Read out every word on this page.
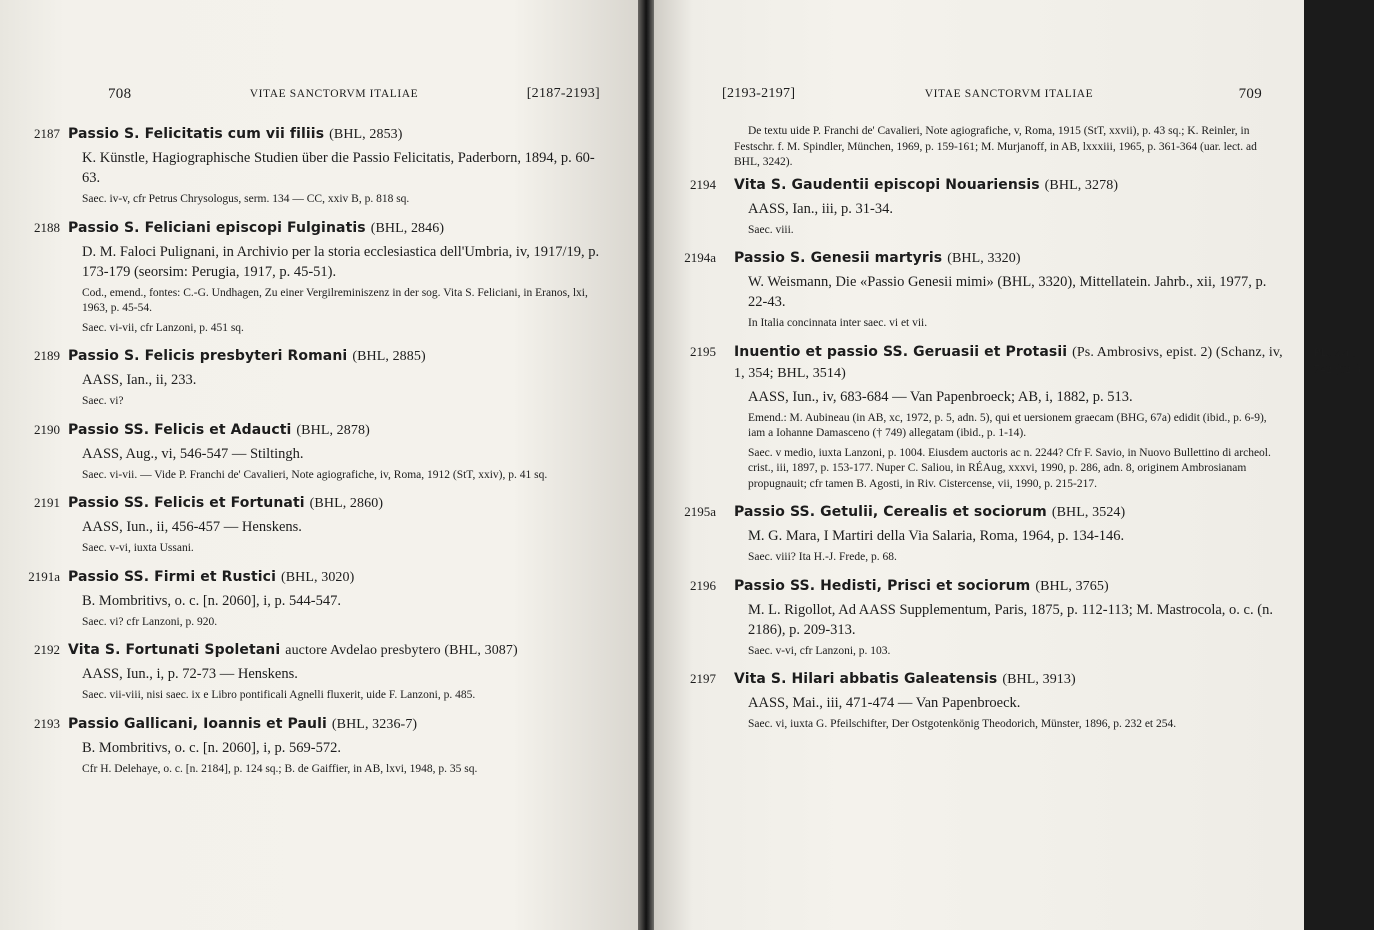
708	VITAE SANCTORVM ITALIAE	[2187-2193]
2187 Passio S. Felicitatis cum vii filiis (BHL, 2853)

K. Künstle, Hagiographische Studien über die Passio Felicitatis, Paderborn, 1894, p. 60-63.

Saec. iv-v, cfr Petrus Chrysologus, serm. 134 — CC, xxiv B, p. 818 sq.

2188 Passio S. Feliciani episcopi Fulginatis (BHL, 2846)

D. M. Faloci Pulignani, in Archivio per la storia ecclesiastica dell'Umbria, iv, 1917/19, p. 173-179 (seorsim: Perugia, 1917, p. 45-51).

Cod., emend., fontes: C.-G. Undhagen, Zu einer Vergilreminiszenz in der sog. Vita S. Feliciani, in Eranos, lxi, 1963, p. 45-54.

Saec. vi-vii, cfr Lanzoni, p. 451 sq.

2189 Passio S. Felicis presbyteri Romani (BHL, 2885)

AASS, Ian., ii, 233.

Saec. vi?

2190 Passio SS. Felicis et Adaucti (BHL, 2878)

AASS, Aug., vi, 546-547 — Stiltingh.

Saec. vi-vii. — Vide P. Franchi de' Cavalieri, Note agiografiche, iv, Roma, 1912 (StT, xxiv), p. 41 sq.

2191 Passio SS. Felicis et Fortunati (BHL, 2860)

AASS, Iun., ii, 456-457 — Henskens.

Saec. v-vi, iuxta Ussani.

2191a Passio SS. Firmi et Rustici (BHL, 3020)

B. Mombritivs, o. c. [n. 2060], i, p. 544-547.

Saec. vi? cfr Lanzoni, p. 920.

2192 Vita S. Fortunati Spoletani auctore Avdelao presbytero (BHL, 3087)

AASS, Iun., i, p. 72-73 — Henskens.

Saec. vii-viii, nisi saec. ix e Libro pontificali Agnelli fluxerit, uide F. Lanzoni, p. 485.

2193 Passio Gallicani, Ioannis et Pauli (BHL, 3236-7)

B. Mombritivs, o. c. [n. 2060], i, p. 569-572.

Cfr H. Delehaye, o. c. [n. 2184], p. 124 sq.; B. de Gaiffier, in AB, lxvi, 1948, p. 35 sq.

[2193-2197]	VITAE SANCTORVM ITALIAE	709

De textu uide P. Franchi de' Cavalieri, Note agiografiche, v, Roma, 1915 (StT, xxvii), p. 43 sq.; K. Reinler, in Festschr. f. M. Spindler, München, 1969, p. 159-161; M. Murjanoff, in AB, lxxxiii, 1965, p. 361-364 (uar. lect. ad BHL, 3242).

2194 Vita S. Gaudentii episcopi Nouariensis (BHL, 3278)

AASS, Ian., iii, p. 31-34.

Saec. viii.

2194a Passio S. Genesii martyris (BHL, 3320)

W. Weismann, Die «Passio Genesii mimi» (BHL, 3320), Mittellatein. Jahrb., xii, 1977, p. 22-43.

In Italia concinnata inter saec. vi et vii.

2195 Inuentio et passio SS. Geruasii et Protasii (Ps. Ambrosivs, epist. 2) (Schanz, iv, 1, 354; BHL, 3514)

AASS, Iun., iv, 683-684 — Van Papenbroeck; AB, i, 1882, p. 513.

Emend.: M. Aubineau (in AB, xc, 1972, p. 5, adn. 5), qui et uersionem graecam (BHG, 67a) edidit (ibid., p. 6-9), iam a Iohanne Damasceno († 749) allegatam (ibid., p. 1-14).

Saec. v medio, iuxta Lanzoni, p. 1004. Eiusdem auctoris ac n. 2244? Cfr F. Savio, in Nuovo Bullettino di archeol. crist., iii, 1897, p. 153-177. Nuper C. Saliou, in RÉAug, xxxvi, 1990, p. 286, adn. 8, originem Ambrosianam propugnauit; cfr tamen B. Agosti, in Riv. Cistercense, vii, 1990, p. 215-217.

PL, xvii, 742 (821)
2195a Passio SS. Getulii, Cerealis et sociorum (BHL, 3524)

M. G. Mara, I Martiri della Via Salaria, Roma, 1964, p. 134-146.

Saec. viii? Ita H.-J. Frede, p. 68.

2196 Passio SS. Hedisti, Prisci et sociorum (BHL, 3765)

M. L. Rigollot, Ad AASS Supplementum, Paris, 1875, p. 112-113; M. Mastrocola, o. c. (n. 2186), p. 209-313.

Saec. v-vi, cfr Lanzoni, p. 103.

2197 Vita S. Hilari abbatis Galeatensis (BHL, 3913)

AASS, Mai., iii, 471-474 — Van Papenbroeck.

Saec. vi, iuxta G. Pfeilschifter, Der Ostgotenkönig Theodorich, Münster, 1896, p. 232 et 254.
